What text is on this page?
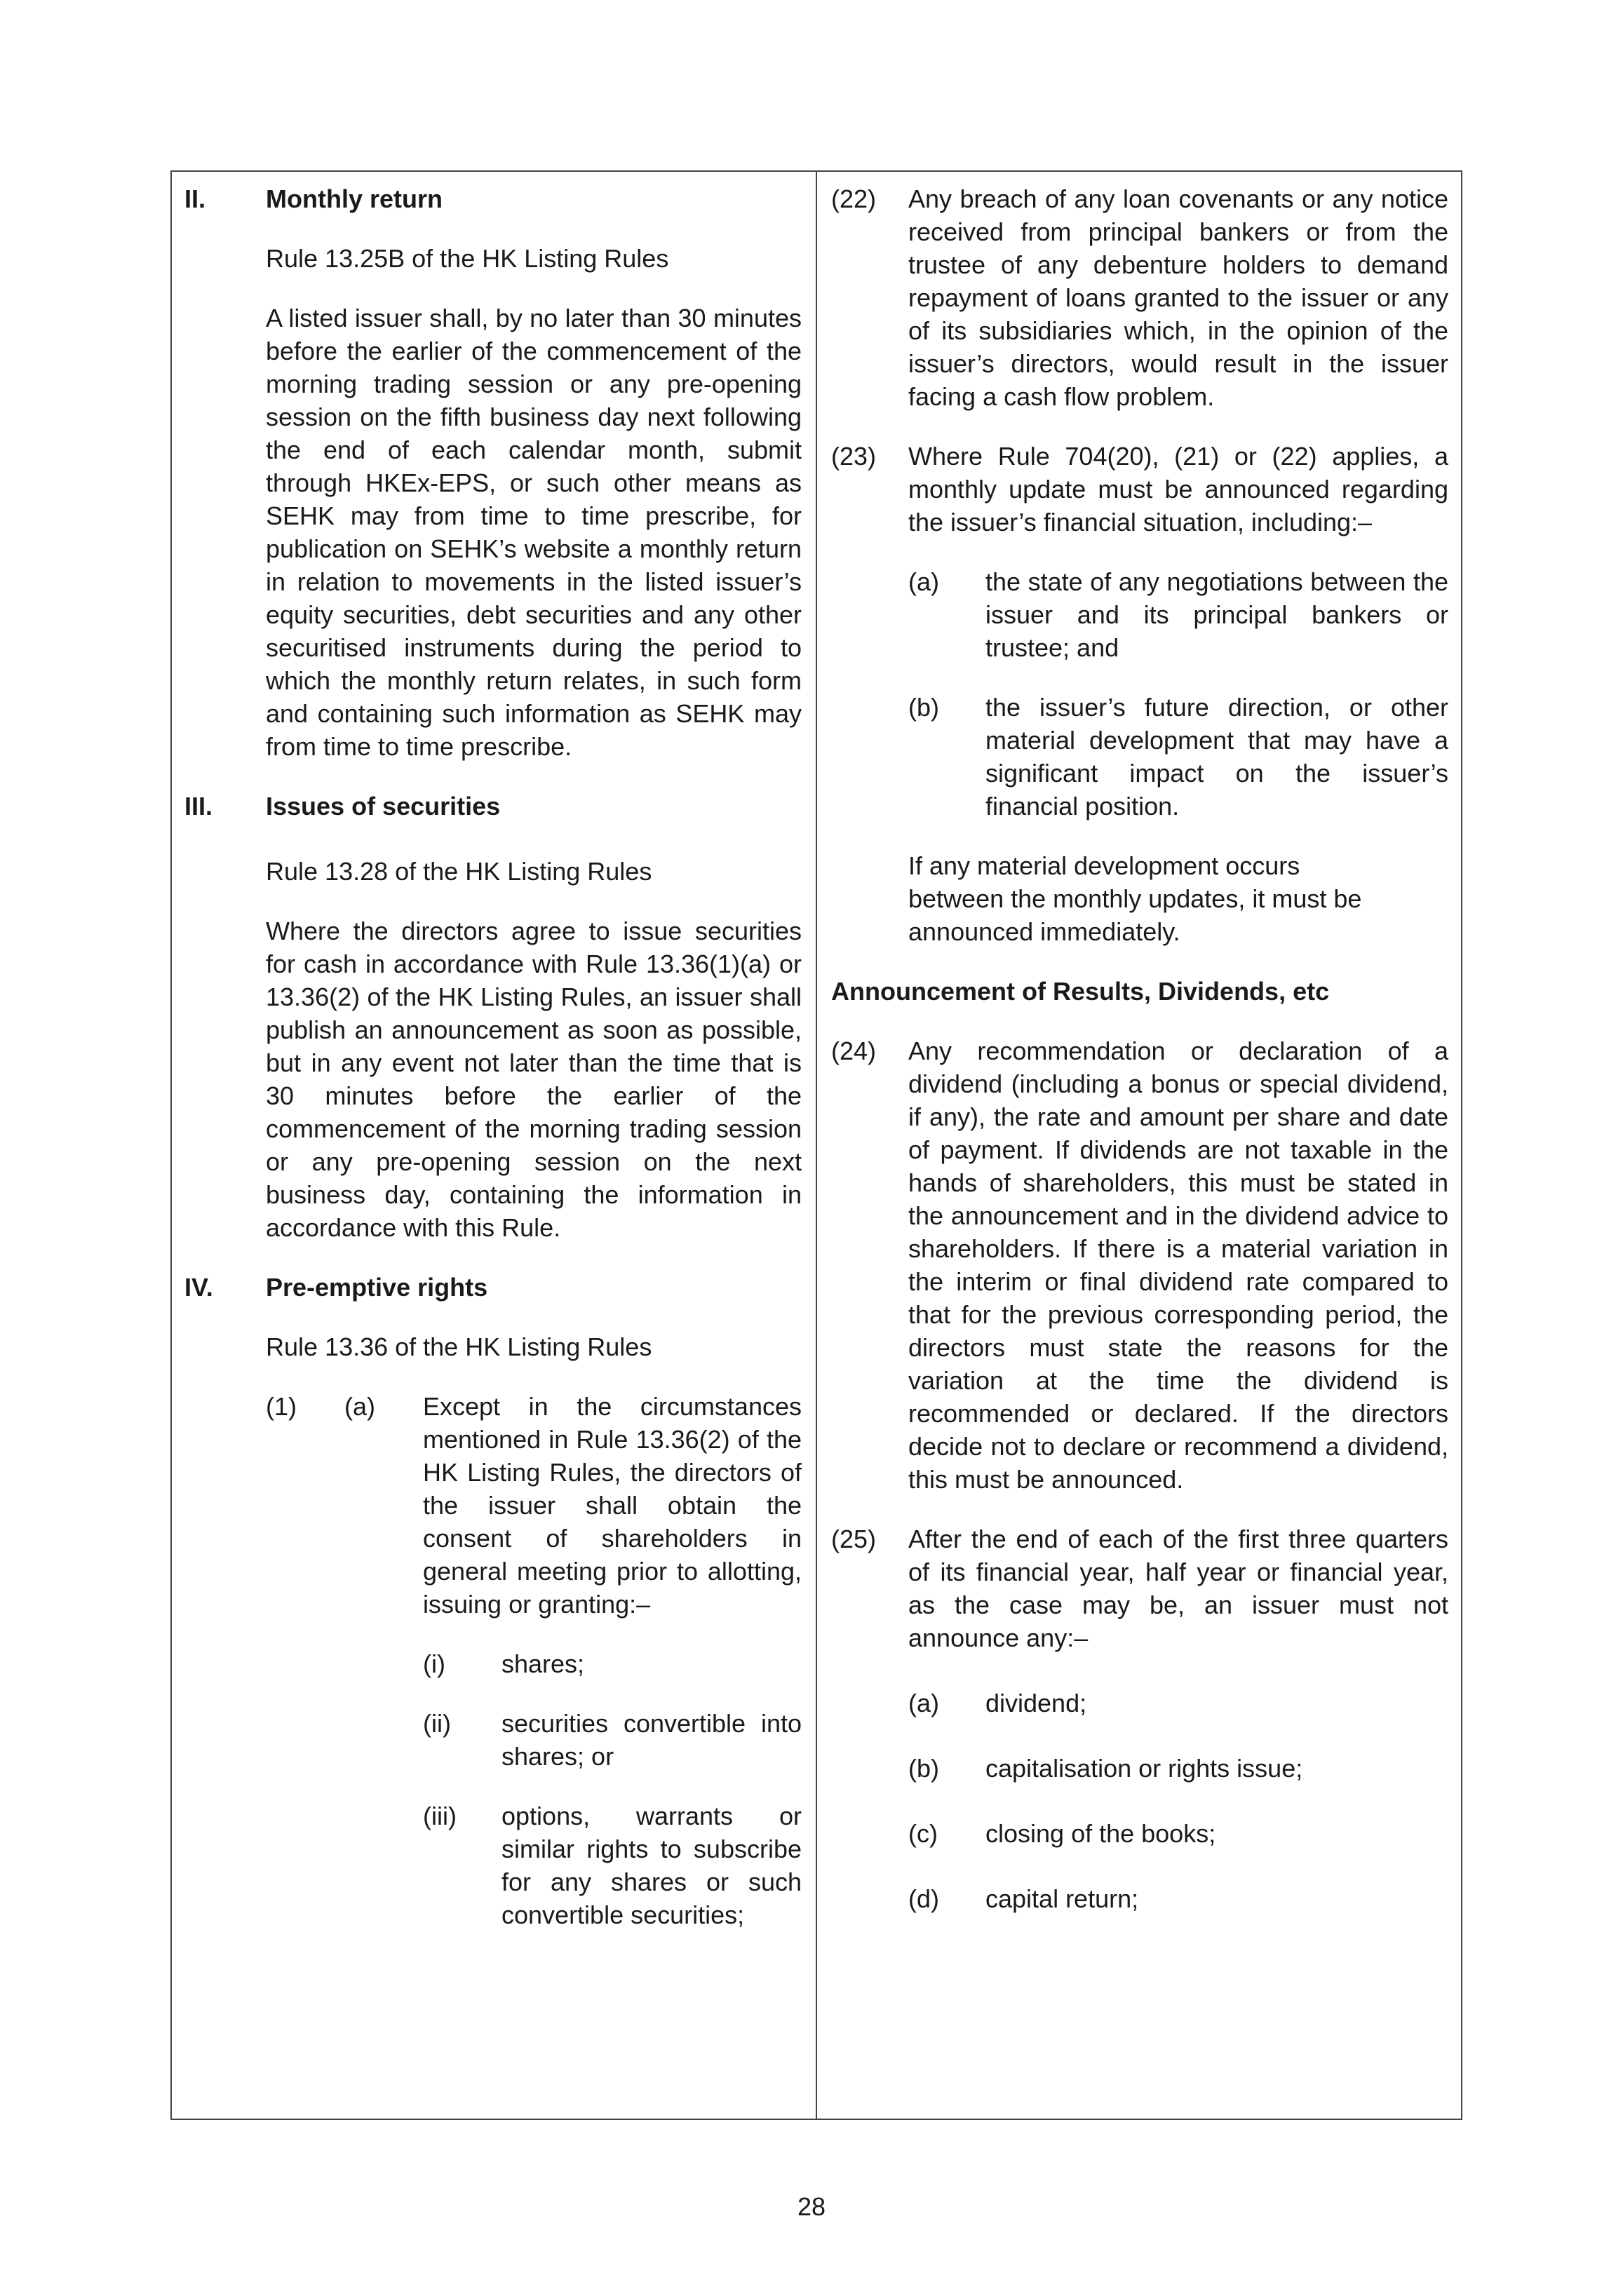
II.	Monthly return

Rule 13.25B of the HK Listing Rules

A listed issuer shall, by no later than 30 minutes before the earlier of the commencement of the morning trading session or any pre-opening session on the fifth business day next following the end of each calendar month, submit through HKEx-EPS, or such other means as SEHK may from time to time prescribe, for publication on SEHK’s website a monthly return in relation to movements in the listed issuer’s equity securities, debt securities and any other securitised instruments during the period to which the monthly return relates, in such form and containing such information as SEHK may from time to time prescribe.

III.	Issues of securities

Rule 13.28 of the HK Listing Rules

Where the directors agree to issue securities for cash in accordance with Rule 13.36(1)(a) or 13.36(2) of the HK Listing Rules, an issuer shall publish an announcement as soon as possible, but in any event not later than the time that is 30 minutes before the earlier of the commencement of the morning trading session or any pre-opening session on the next business day, containing the information in accordance with this Rule.

IV.	Pre-emptive rights

Rule 13.36 of the HK Listing Rules

(1)	(a)	Except in the circumstances mentioned in Rule 13.36(2) of the HK Listing Rules, the directors of the issuer shall obtain the consent of shareholders in general meeting prior to allotting, issuing or granting:–
(i)	shares;
(ii)	securities convertible into shares; or
(iii)	options, warrants or similar rights to subscribe for any shares or such convertible securities;
(22)	Any breach of any loan covenants or any notice received from principal bankers or from the trustee of any debenture holders to demand repayment of loans granted to the issuer or any of its subsidiaries which, in the opinion of the issuer’s directors, would result in the issuer facing a cash flow problem.
(23)	Where Rule 704(20), (21) or (22) applies, a monthly update must be announced regarding the issuer’s financial situation, including:–
(a)	the state of any negotiations between the issuer and its principal bankers or trustee; and
(b)	the issuer’s future direction, or other material development that may have a significant impact on the issuer’s financial position.

If any material development occurs

between the monthly updates, it must be

announced immediately.

Announcement of Results, Dividends, etc

(24)	Any recommendation or declaration of a dividend (including a bonus or special dividend, if any), the rate and amount per share and date of payment. If dividends are not taxable in the hands of shareholders, this must be stated in the announcement and in the dividend advice to shareholders. If there is a material variation in the interim or final dividend rate compared to that for the previous corresponding period, the directors must state the reasons for the variation at the time the dividend is recommended or declared. If the directors decide not to declare or recommend a dividend, this must be announced.
(25)	After the end of each of the first three quarters of its financial year, half year or financial year, as the case may be, an issuer must not announce any:–
(a)	dividend;
(b)	capitalisation or rights issue;
(c)	closing of the books;
(d)	capital return;
28
